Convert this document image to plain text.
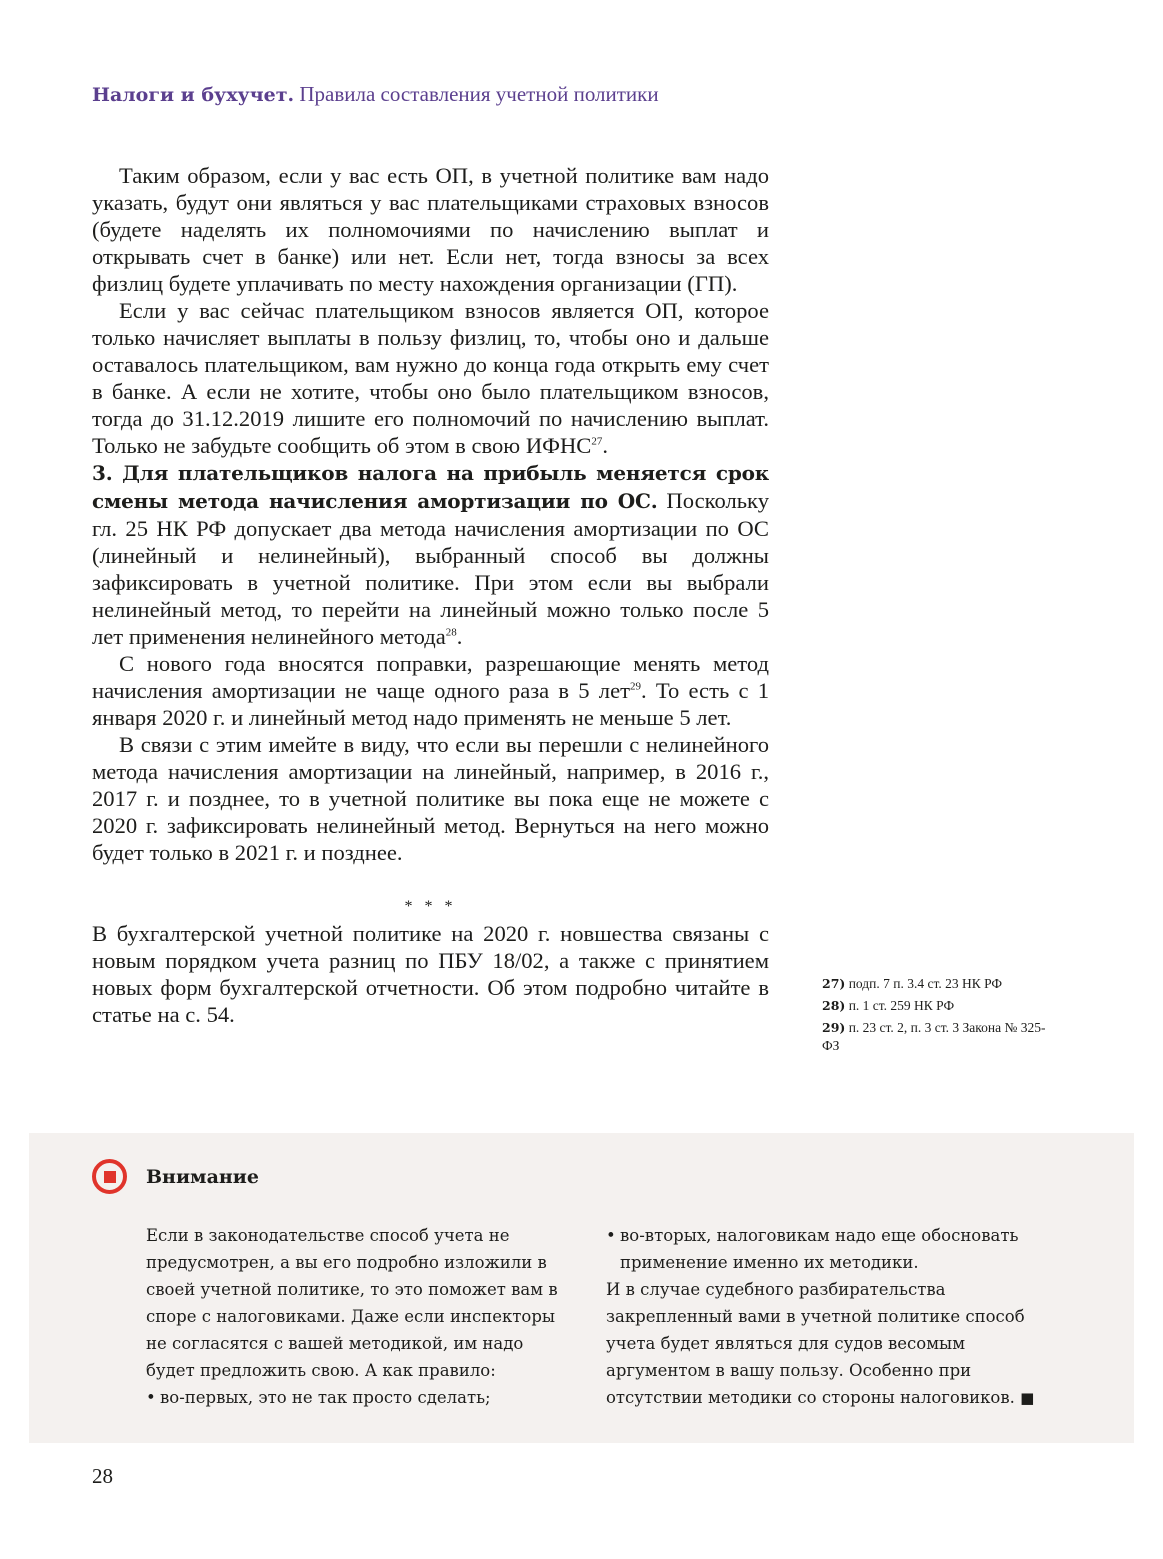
Налоги и бухучет. Правила составления учетной политики

Таким образом, если у вас есть ОП, в учетной политике вам надо указать, будут они являться у вас плательщиками страховых взносов (будете наделять их полномочиями по начислению выплат и открывать счет в банке) или нет. Если нет, тогда взносы за всех физлиц будете уплачивать по месту нахождения организации (ГП).

Если у вас сейчас плательщиком взносов является ОП, которое только начисляет выплаты в пользу физлиц, то, чтобы оно и дальше оставалось плательщиком, вам нужно до конца года открыть ему счет в банке. А если не хотите, чтобы оно было плательщиком взносов, тогда до 31.12.2019 лишите его полномочий по начислению выплат. Только не забудьте сообщить об этом в свою ИФНС$^{27}$.

3. Для плательщиков налога на прибыль меняется срок смены метода начисления амортизации по ОС. Поскольку гл. 25 НК РФ допускает два метода начисления амортизации по ОС (линейный и нелинейный), выбранный способ вы должны зафиксировать в учетной политике. При этом если вы выбрали нелинейный метод, то перейти на линейный можно только после 5 лет применения нелинейного метода$^{28}$.

С нового года вносятся поправки, разрешающие менять метод начисления амортизации не чаще одного раза в 5 лет$^{29}$. То есть с 1 января 2020 г. и линейный метод надо применять не меньше 5 лет.

В связи с этим имейте в виду, что если вы перешли с нелинейного метода начисления амортизации на линейный, например, в 2016 г., 2017 г. и позднее, то в учетной политике вы пока еще не можете с 2020 г. зафиксировать нелинейный метод. Вернуться на него можно будет только в 2021 г. и позднее.

* * *

В бухгалтерской учетной политике на 2020 г. новшества связаны с новым порядком учета разниц по ПБУ 18/02, а также с принятием новых форм бухгалтерской отчетности. Об этом подробно читайте в статье на с. 54.

27) подп. 7 п. 3.4 ст. 23 НК РФ
28) п. 1 ст. 259 НК РФ
29) п. 23 ст. 2, п. 3 ст. 3 Закона № 325-ФЗ
Внимание

Если в законодательстве способ учета не предусмотрен, а вы его подробно изложили в своей учетной политике, то это поможет вам в споре с налоговиками. Даже если инспекторы не согласятся с вашей методикой, им надо будет предложить свою. А как правило:

• во-первых, это не так просто сделать;

• во-вторых, налоговикам надо еще обосновать применение именно их методики.

И в случае судебного разбирательства закрепленный вами в учетной политике способ учета будет являться для судов весомым аргументом в вашу пользу. Особенно при отсутствии методики со стороны налоговиков. ■

28
